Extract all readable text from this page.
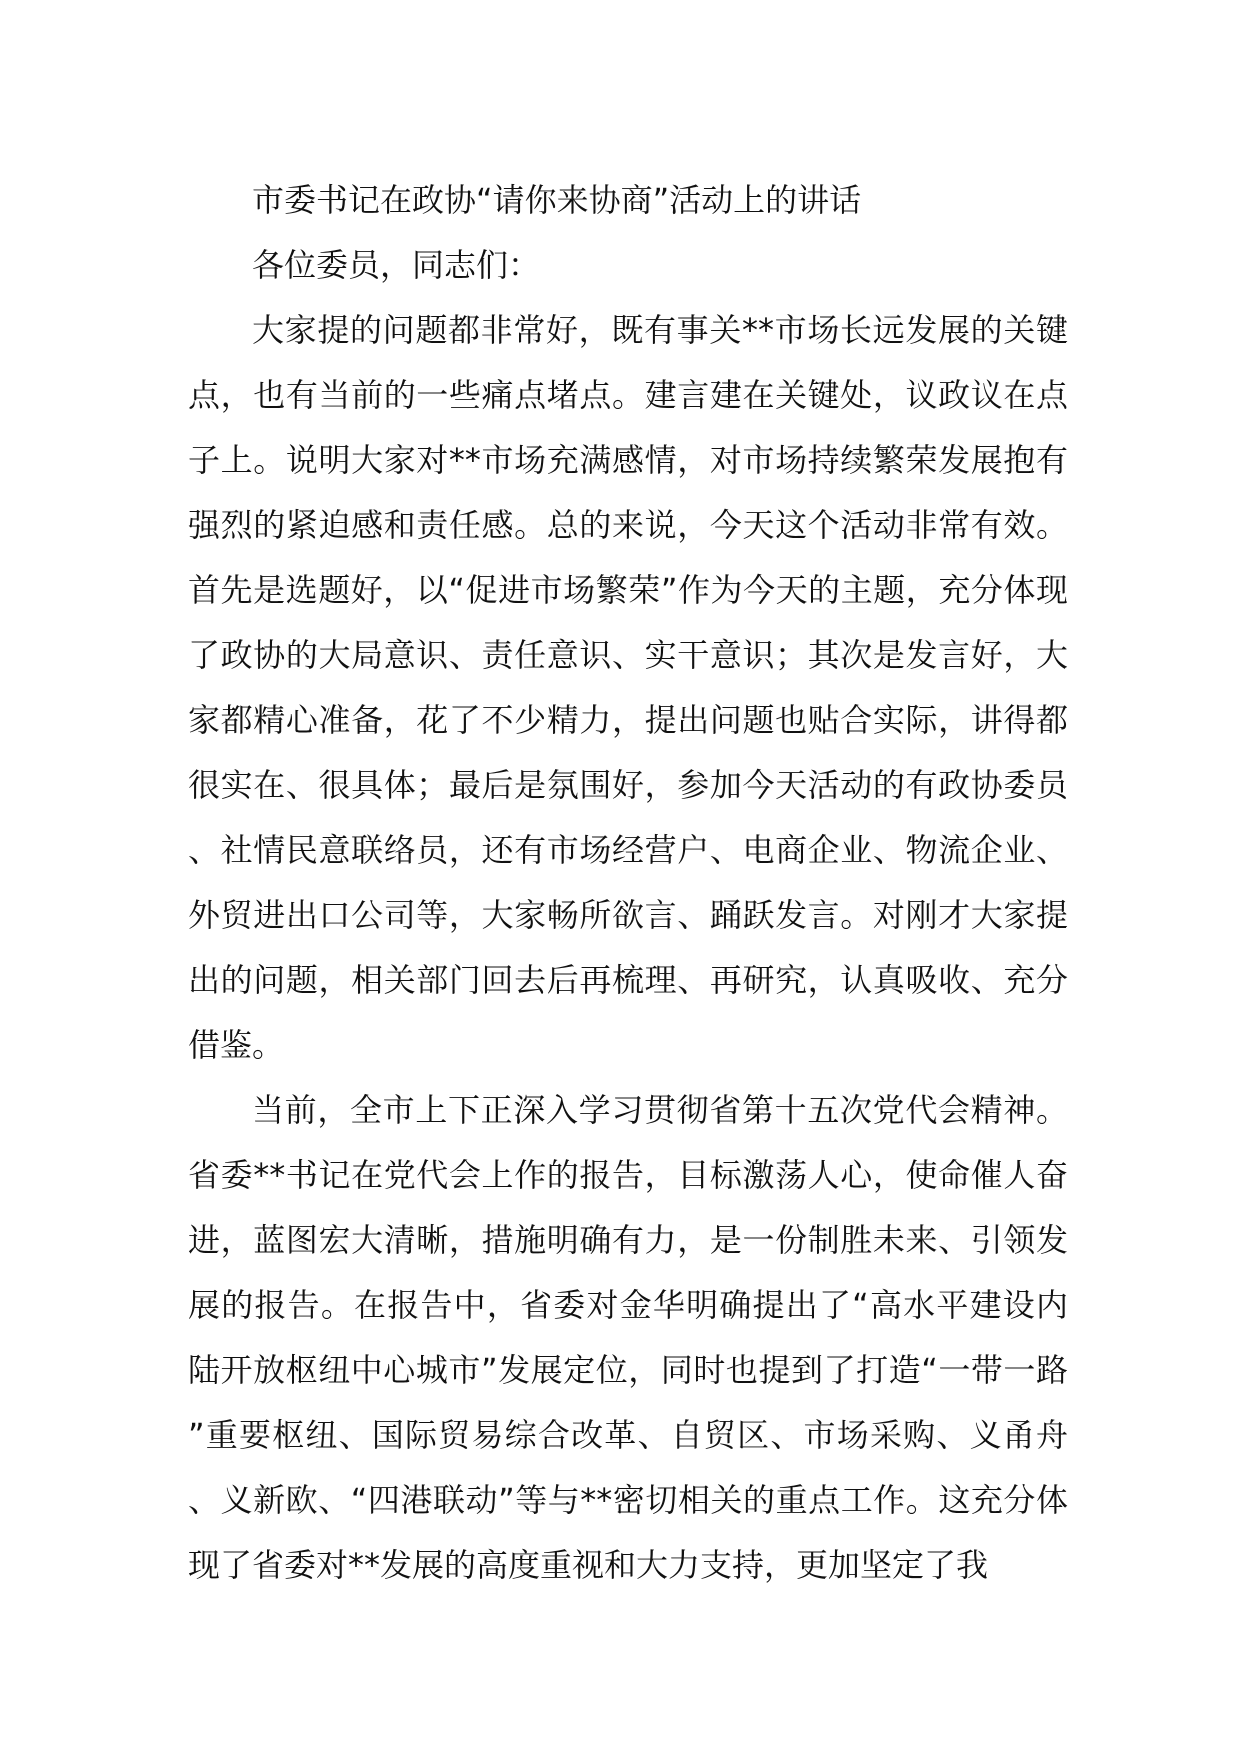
市委书记在政协“请你来协商”活动上的讲话

各位委员，同志们：

大家提的问题都非常好，既有事关**市场长远发展的关键点，也有当前的一些痛点堵点。建言建在关键处，议政议在点子上。说明大家对**市场充满感情，对市场持续繁荣发展抱有强烈的紧迫感和责任感。总的来说，今天这个活动非常有效。首先是选题好，以“促进市场繁荣”作为今天的主题，充分体现了政协的大局意识、责任意识、实干意识；其次是发言好，大家都精心准备，花了不少精力，提出问题也贴合实际，讲得都很实在、很具体；最后是氛围好，参加今天活动的有政协委员、社情民意联络员，还有市场经营户、电商企业、物流企业、外贸进出口公司等，大家畅所欲言、踊跃发言。对刚才大家提出的问题，相关部门回去后再梳理、再研究，认真吸收、充分借鉴。

当前，全市上下正深入学习贯彻省第十五次党代会精神。省委**书记在党代会上作的报告，目标激荡人心，使命催人奋进，蓝图宏大清晰，措施明确有力，是一份制胜未来、引领发展的报告。在报告中，省委对金华明确提出了“高水平建设内陆开放枢纽中心城市”发展定位，同时也提到了打造“一带一路”重要枢纽、国际贸易综合改革、自贸区、市场采购、义甬舟、义新欧、“四港联动”等与**密切相关的重点工作。这充分体现了省委对**发展的高度重视和大力支持，更加坚定了我
